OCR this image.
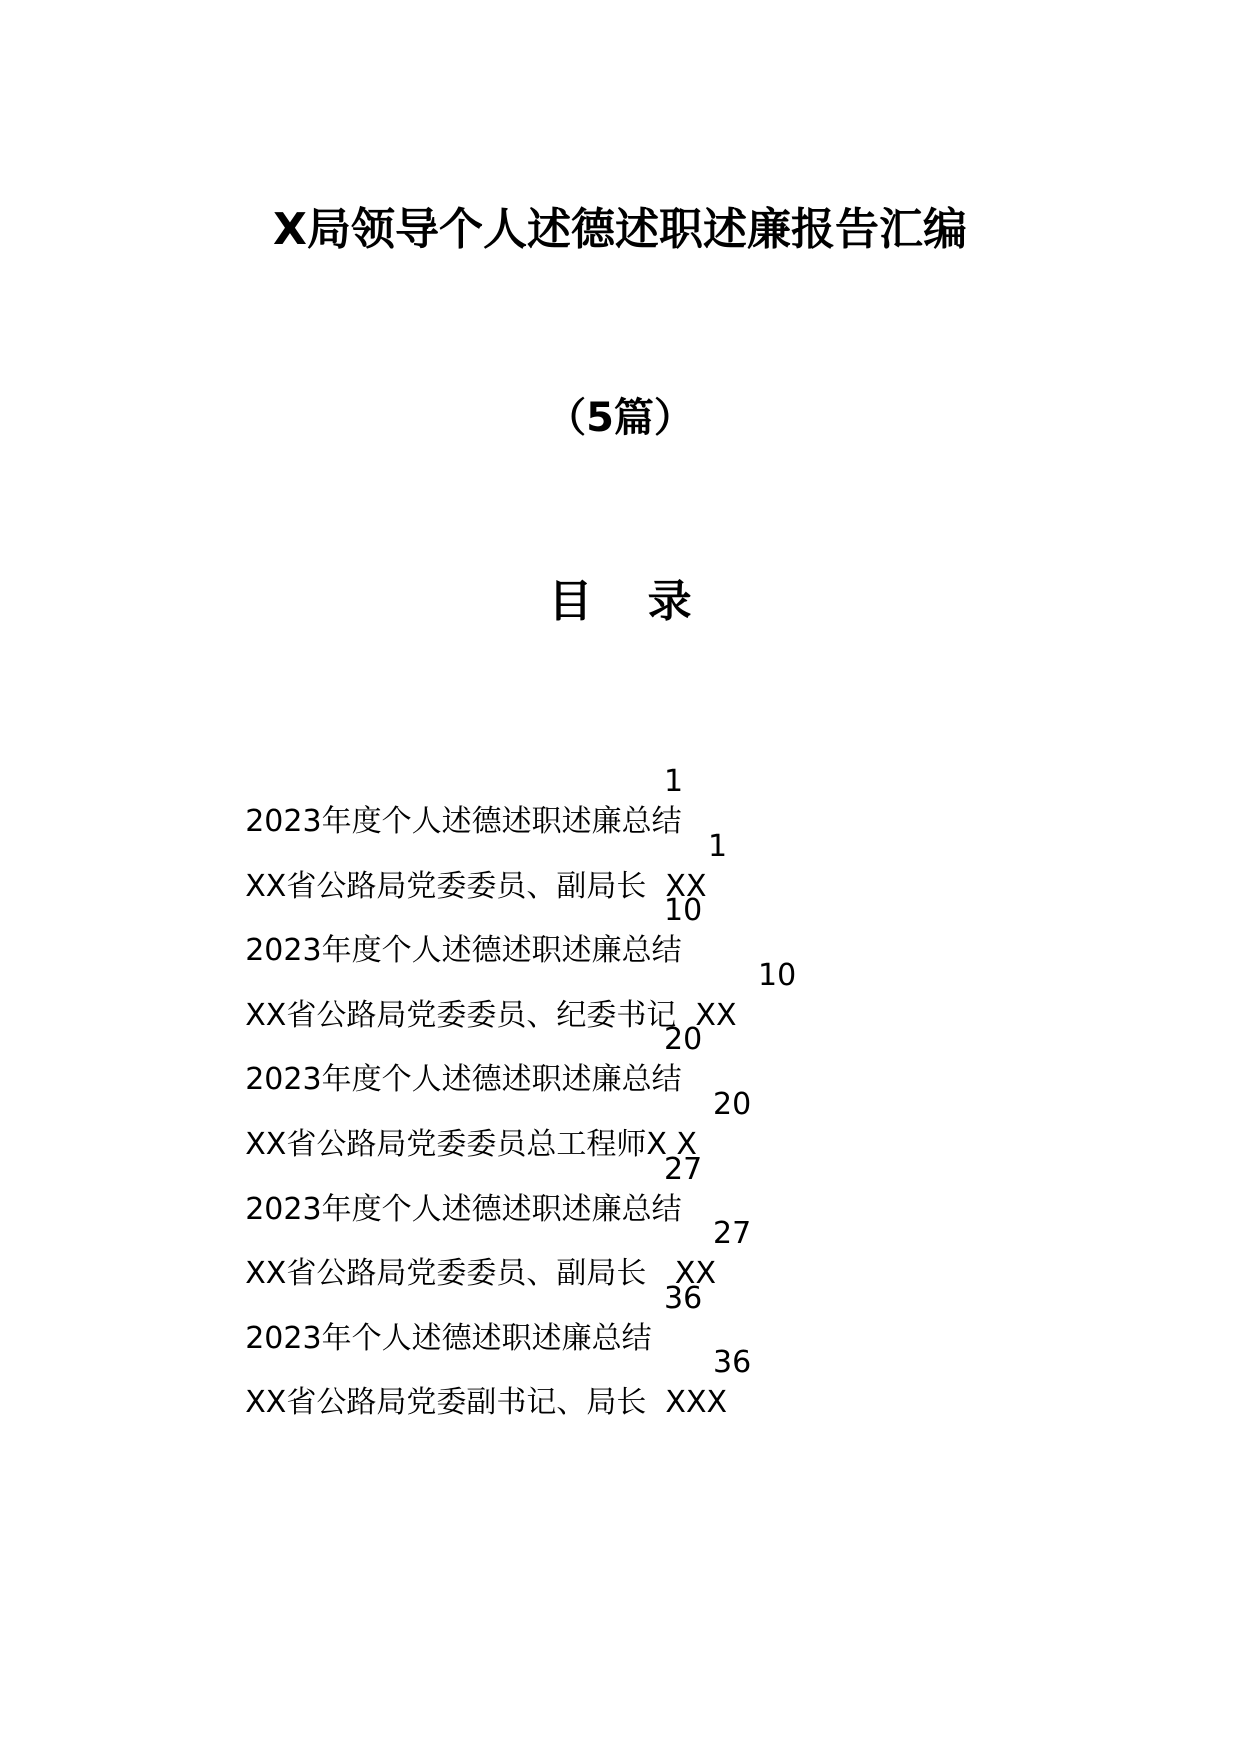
X局领导个人述德述职述廉报告汇编
（5篇）
目 录

2023年度个人述德述职述廉总结

1

XX省公路局党委委员、副局长  XX

1

2023年度个人述德述职述廉总结

10

XX省公路局党委委员、纪委书记  XX

10

2023年度个人述德述职述廉总结

20

XX省公路局党委委员总工程师X X

20

2023年度个人述德述职述廉总结

27

XX省公路局党委委员、副局长   XX

27

2023年个人述德述职述廉总结

36

XX省公路局党委副书记、局长  XXX

36
